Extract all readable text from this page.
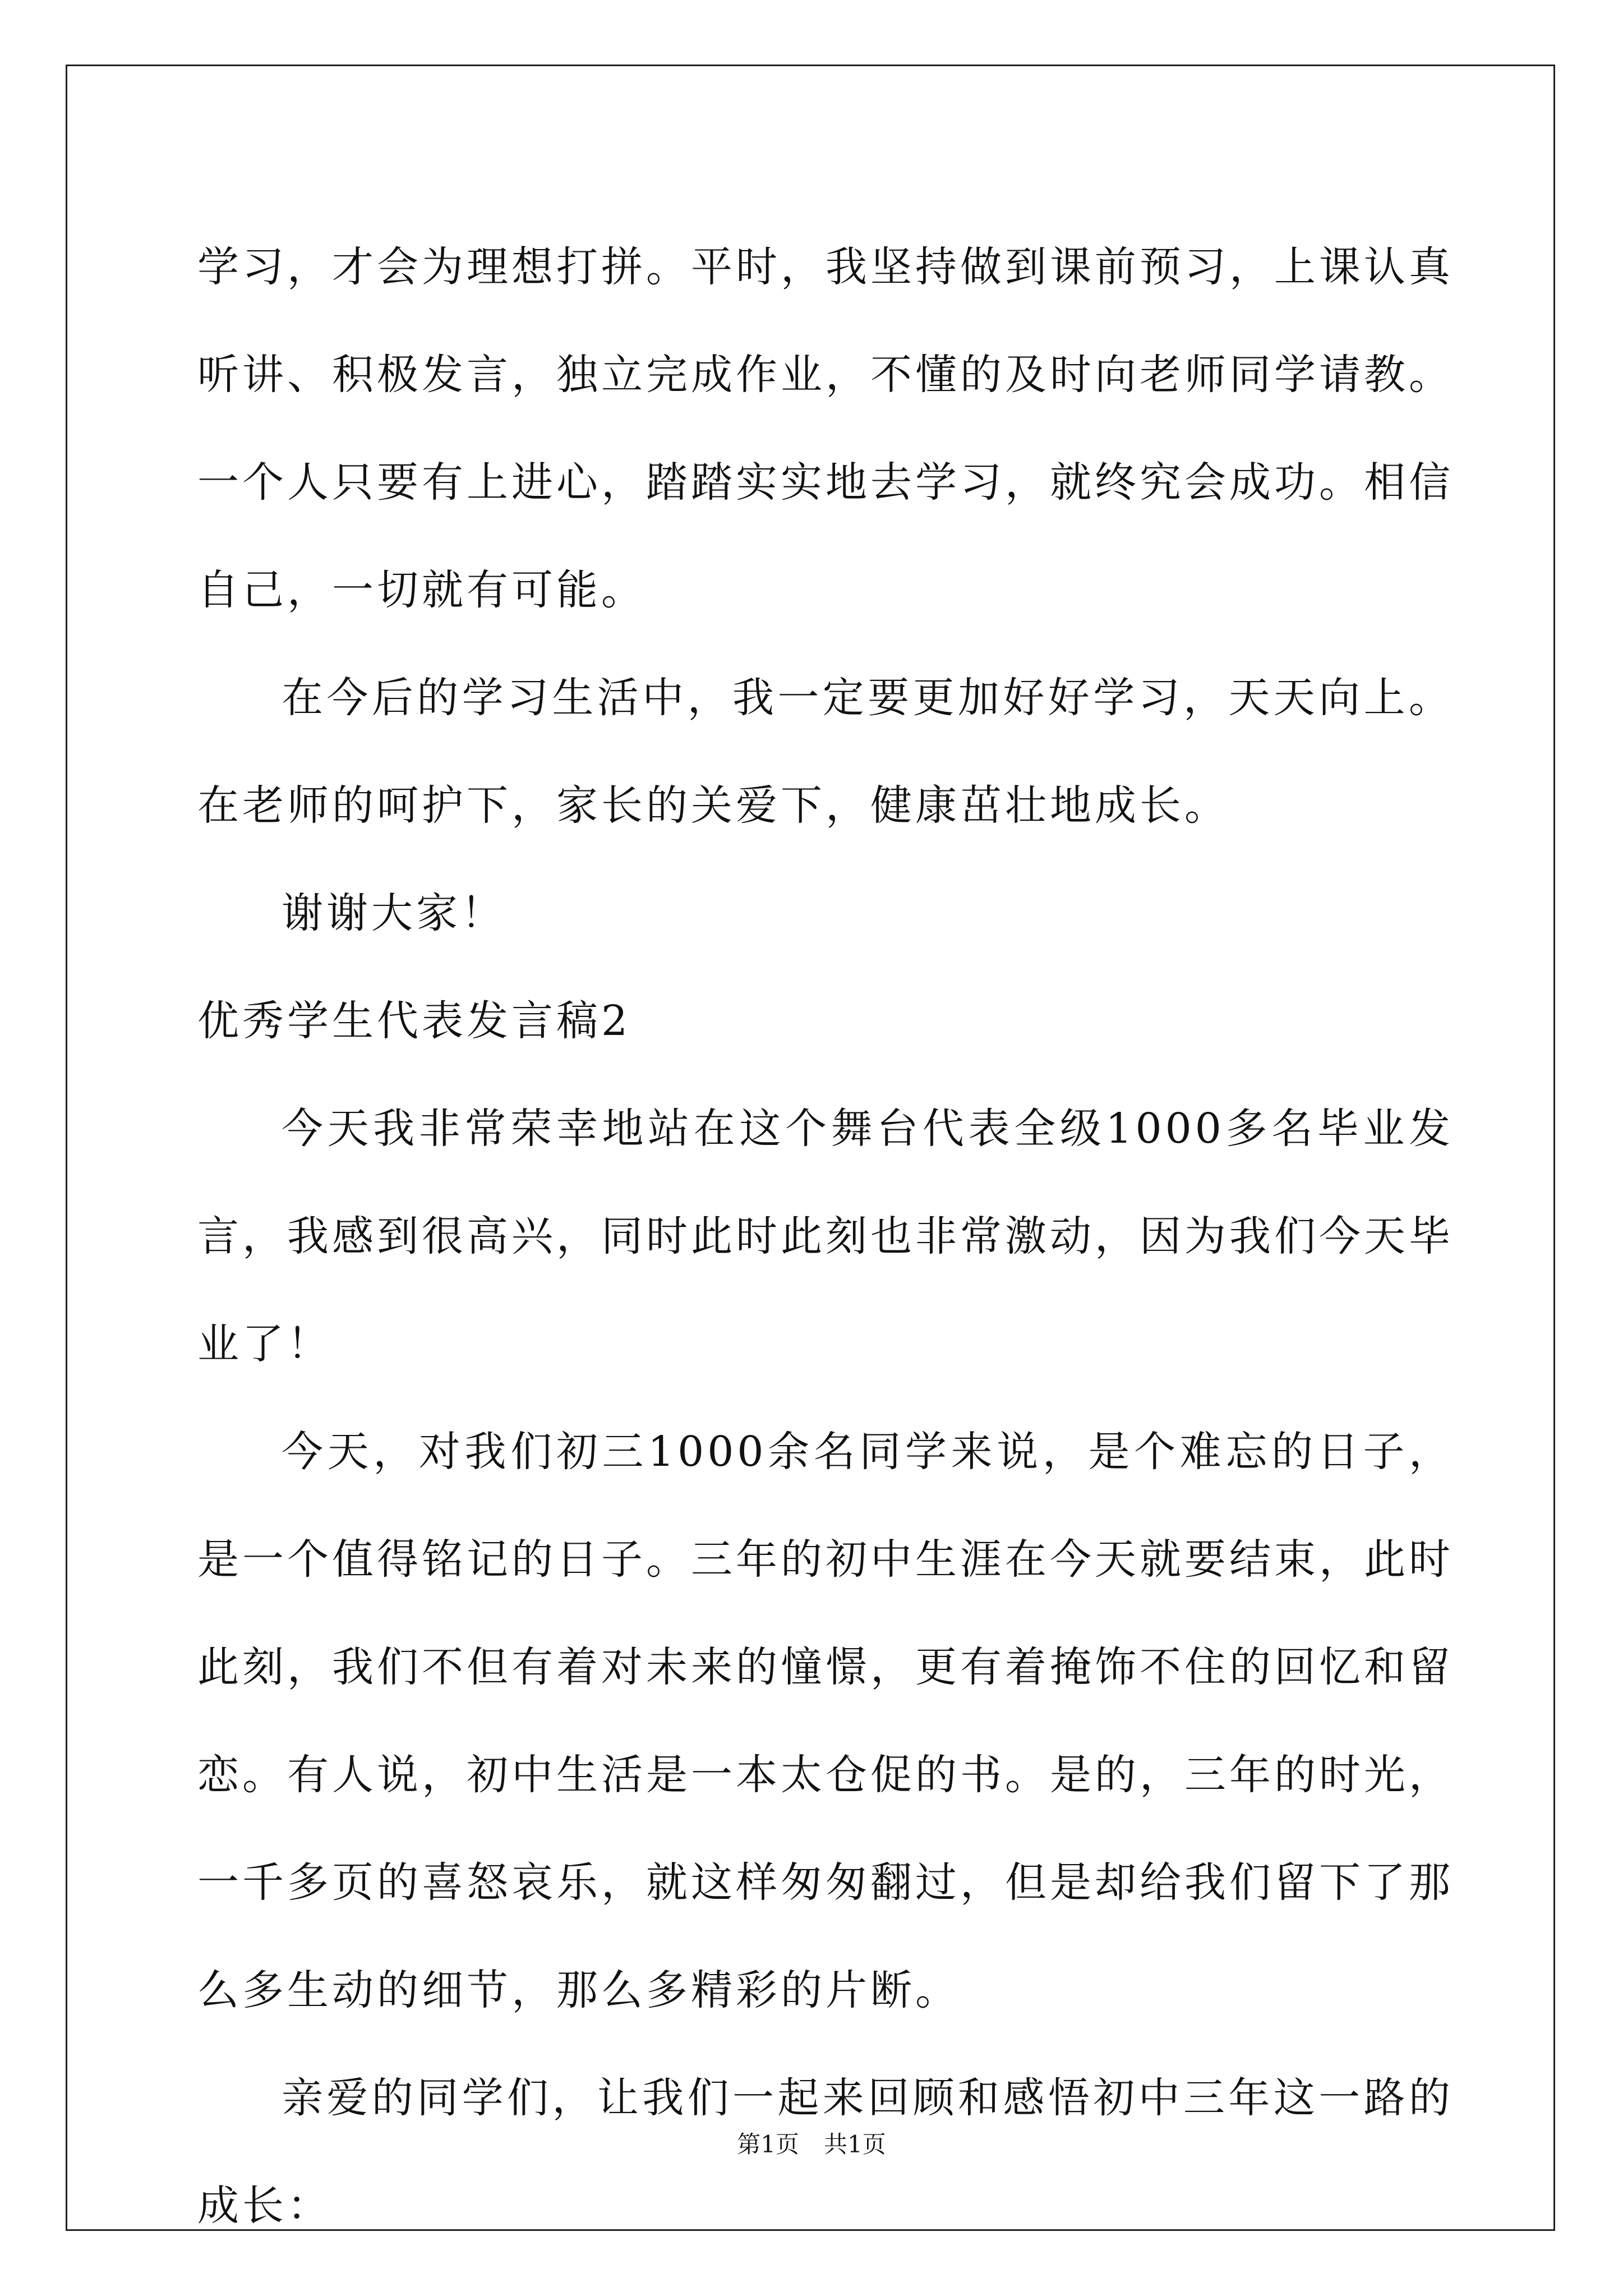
学习，才会为理想打拼。平时，我坚持做到课前预习，上课认真听讲、积极发言，独立完成作业，不懂的及时向老师同学请教。一个人只要有上进心，踏踏实实地去学习，就终究会成功。相信自己，一切就有可能。

在今后的学习生活中，我一定要更加好好学习，天天向上。在老师的呵护下，家长的关爱下，健康茁壮地成长。

谢谢大家！

优秀学生代表发言稿2

今天我非常荣幸地站在这个舞台代表全级1000多名毕业发言，我感到很高兴，同时此时此刻也非常激动，因为我们今天毕业了！

今天，对我们初三1000余名同学来说，是个难忘的日子，是一个值得铭记的日子。三年的初中生涯在今天就要结束，此时此刻，我们不但有着对未来的憧憬，更有着掩饰不住的回忆和留恋。有人说，初中生活是一本太仓促的书。是的，三年的时光，一千多页的喜怒哀乐，就这样匆匆翻过，但是却给我们留下了那么多生动的细节，那么多精彩的片断。

亲爱的同学们，让我们一起来回顾和感悟初中三年这一路的成长：

第1页 共1页
